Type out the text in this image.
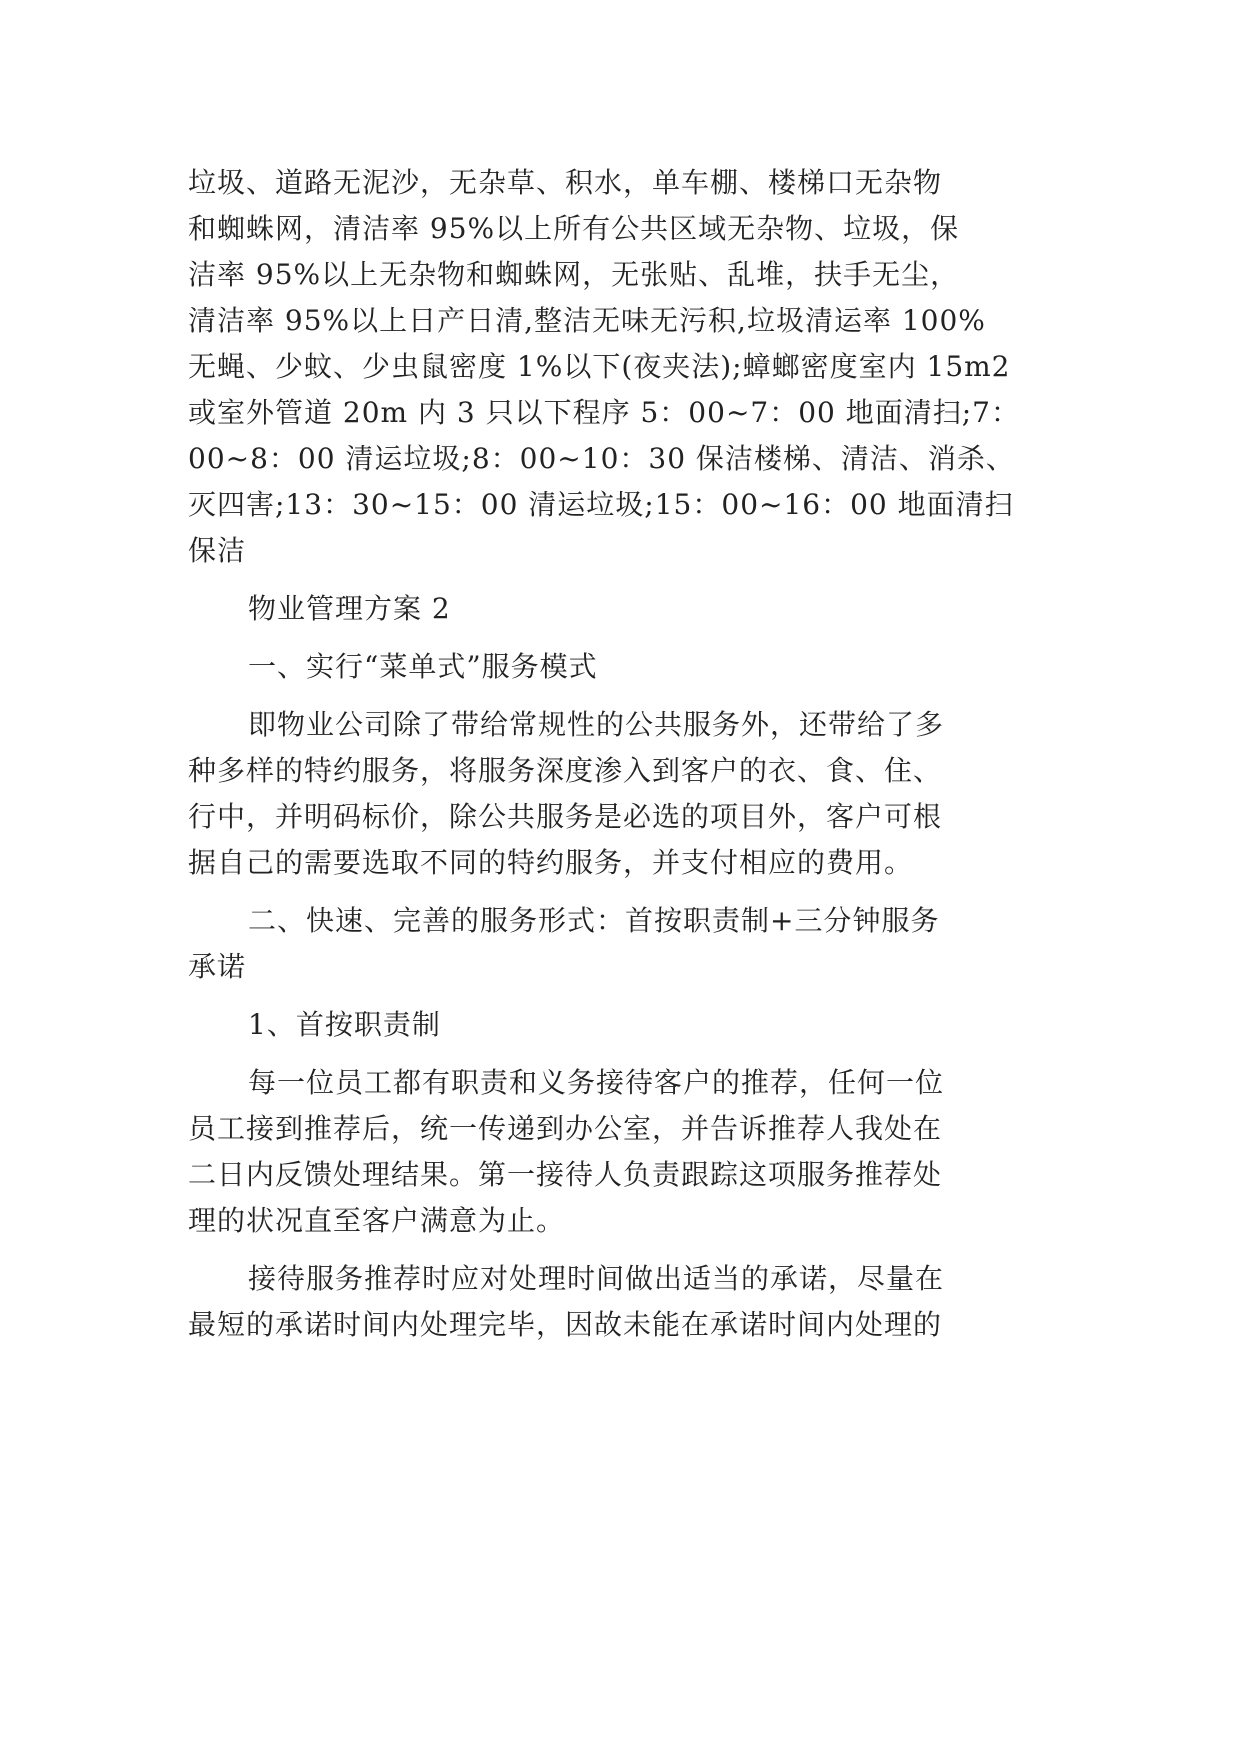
垃圾、道路无泥沙，无杂草、积水，单车棚、楼梯口无杂物
和蜘蛛网，清洁率 95%以上所有公共区域无杂物、垃圾，保
洁率 95%以上无杂物和蜘蛛网，无张贴、乱堆，扶手无尘，
清洁率 95%以上日产日清,整洁无味无污积,垃圾清运率 100%
无蝇、少蚊、少虫鼠密度 1%以下(夜夹法);蟑螂密度室内 15m2
或室外管道 20m 内 3 只以下程序 5：00~7：00 地面清扫;7：
00~8：00 清运垃圾;8：00~10：30 保洁楼梯、清洁、消杀、
灭四害;13：30~15：00 清运垃圾;15：00~16：00 地面清扫
保洁
物业管理方案 2
一、实行“菜单式”服务模式
即物业公司除了带给常规性的公共服务外，还带给了多
种多样的特约服务，将服务深度渗入到客户的衣、食、住、
行中，并明码标价，除公共服务是必选的项目外，客户可根
据自己的需要选取不同的特约服务，并支付相应的费用。
二、快速、完善的服务形式：首按职责制+三分钟服务
承诺
1、首按职责制
每一位员工都有职责和义务接待客户的推荐，任何一位
员工接到推荐后，统一传递到办公室，并告诉推荐人我处在
二日内反馈处理结果。第一接待人负责跟踪这项服务推荐处
理的状况直至客户满意为止。
接待服务推荐时应对处理时间做出适当的承诺，尽量在
最短的承诺时间内处理完毕，因故未能在承诺时间内处理的
